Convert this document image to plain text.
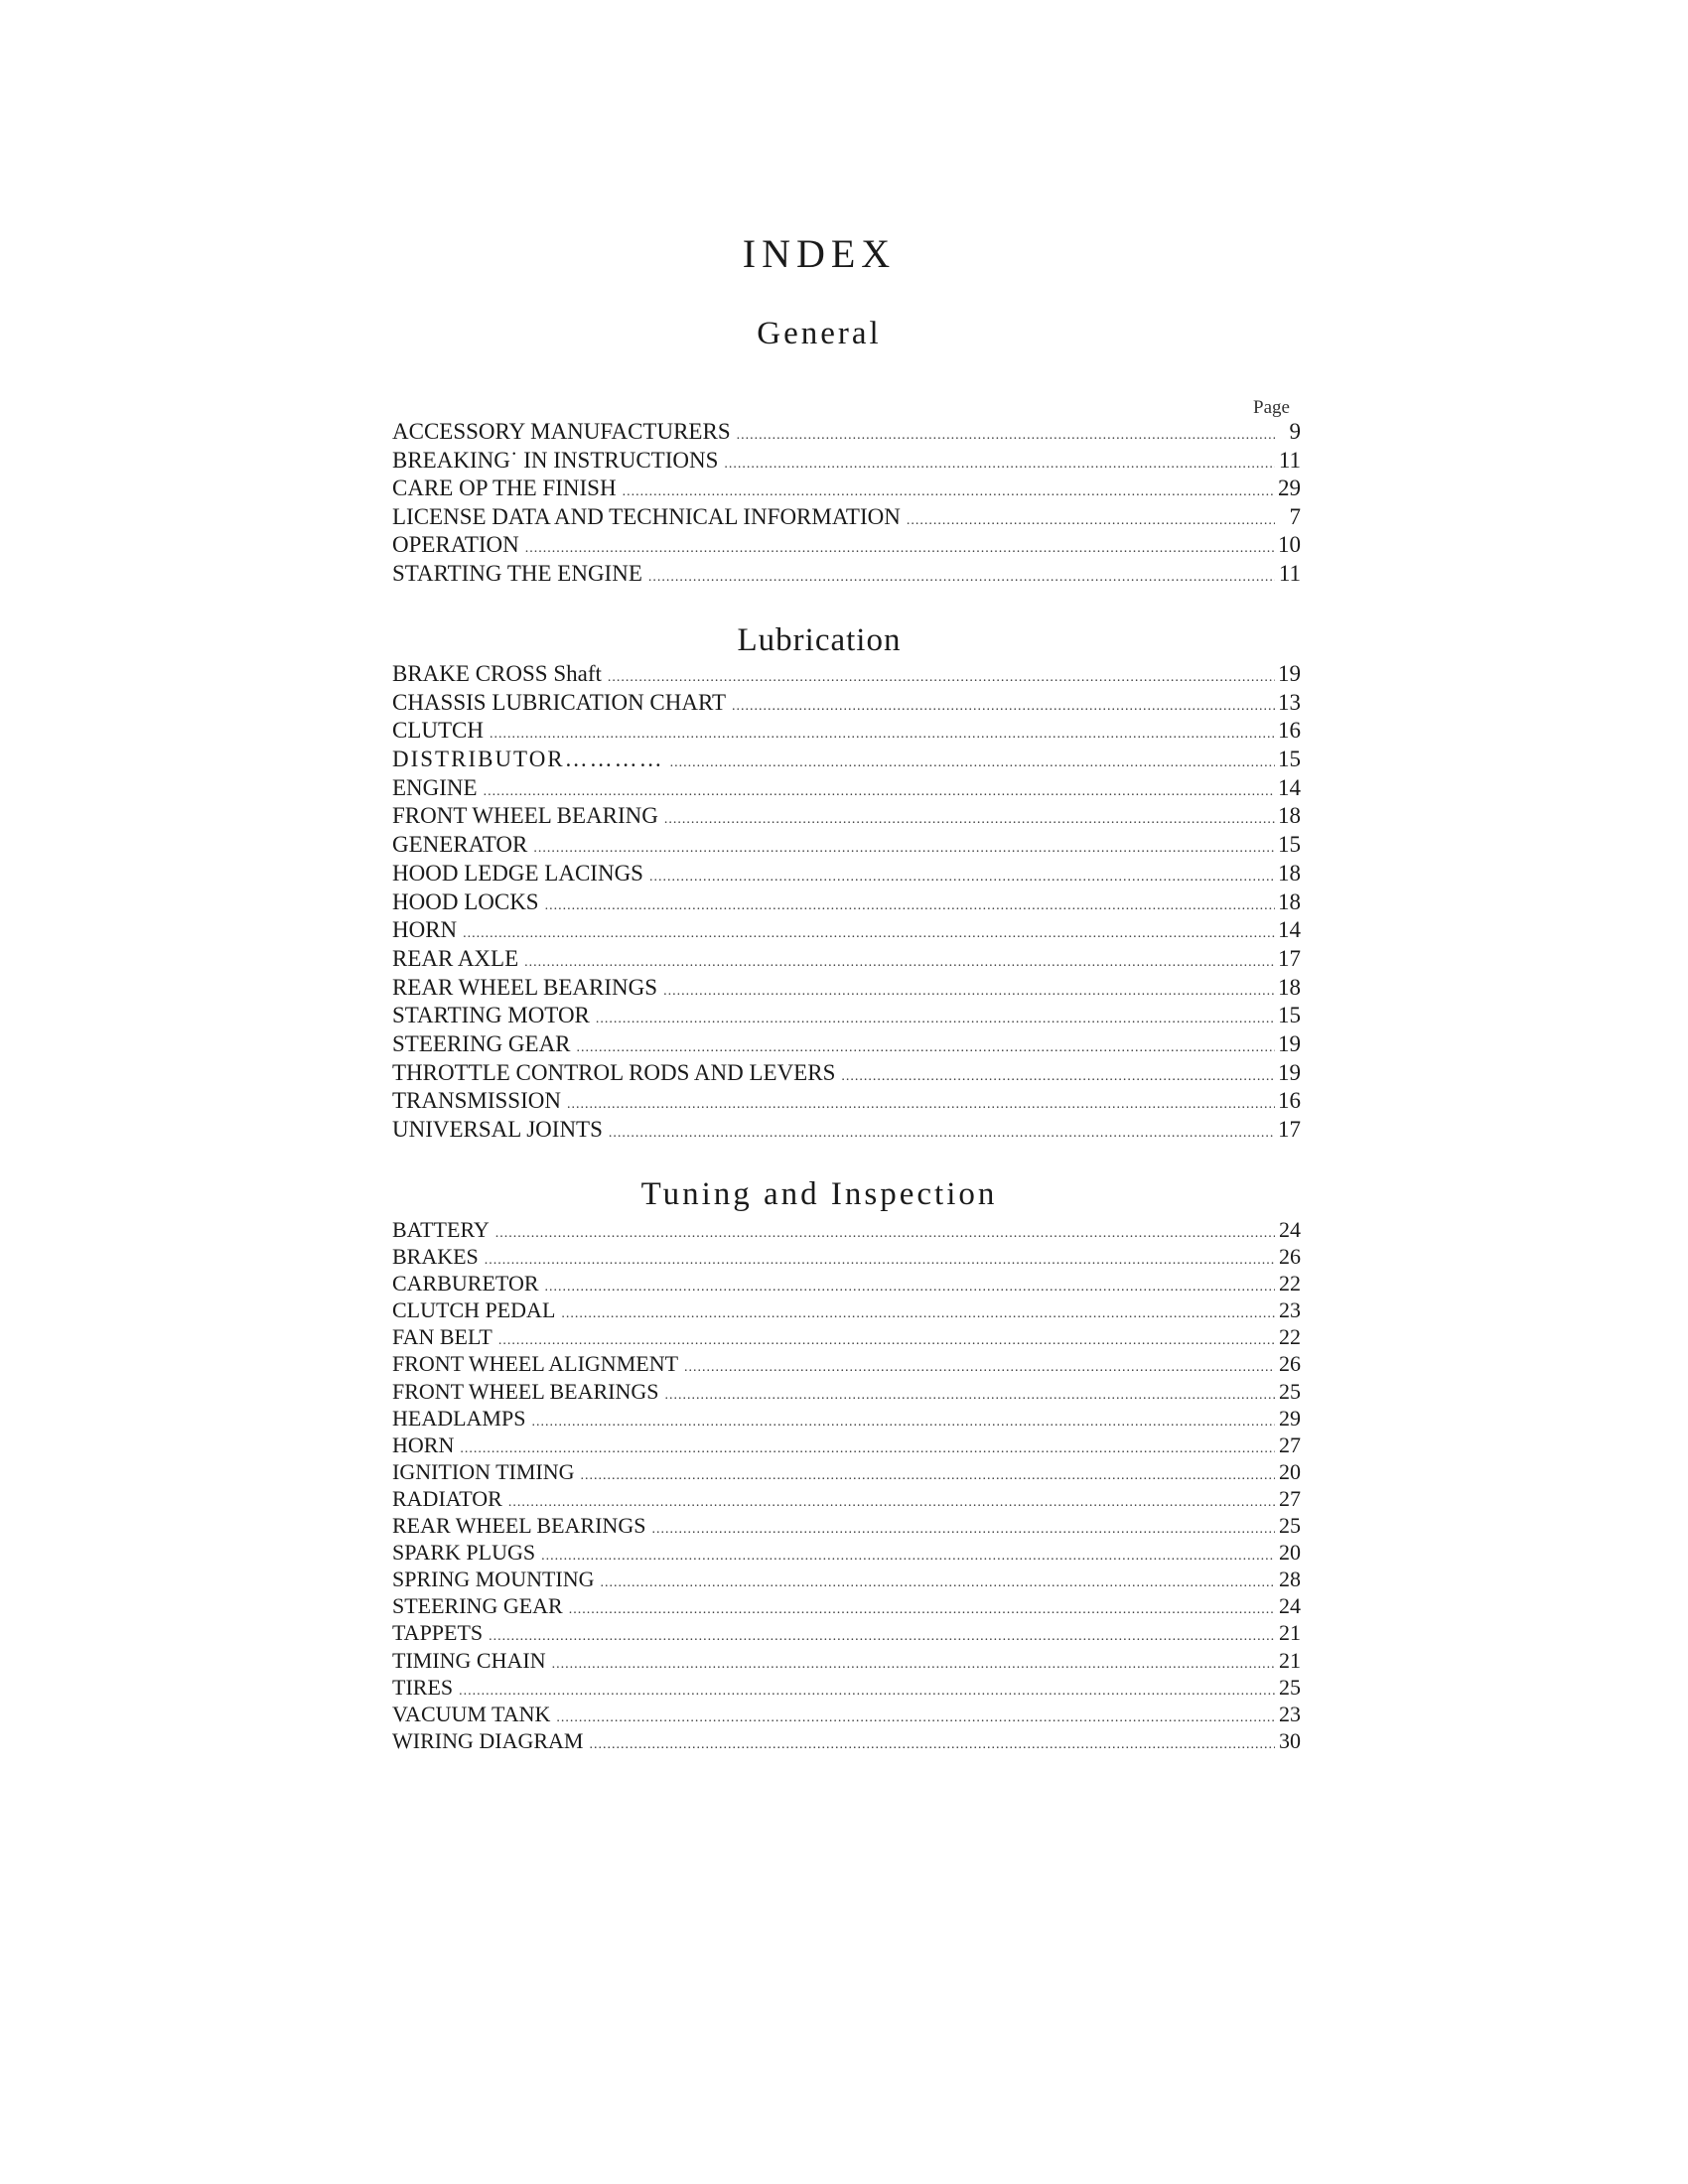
INDEX
General
Page
ACCESSORY MANUFACTURERS .....	9
BREAKING˙ IN INSTRUCTIONS .....	11
CARE OP THE FINISH .....	29
LICENSE DATA AND TECHNICAL INFORMATION .....	7
OPERATION .....	10
STARTING THE ENGINE .....	11
Lubrication
BRAKE CROSS Shaft .....	19
CHASSIS LUBRICATION CHART .....	13
CLUTCH .....	16
DISTRIBUTOR………… .....	15
ENGINE .....	14
FRONT WHEEL BEARING .....	18
GENERATOR .....	15
HOOD LEDGE LACINGS .....	18
HOOD LOCKS .....	18
HORN .....	14
REAR AXLE .....	17
REAR WHEEL BEARINGS .....	18
STARTING MOTOR .....	15
STEERING GEAR .....	19
THROTTLE CONTROL RODS AND LEVERS .....	19
TRANSMISSION .....	16
UNIVERSAL JOINTS .....	17
Tuning and Inspection
BATTERY .....	24
BRAKES .....	26
CARBURETOR .....	22
CLUTCH PEDAL .....	23
FAN BELT .....	22
FRONT WHEEL ALIGNMENT .....	26
FRONT WHEEL BEARINGS .....	25
HEADLAMPS .....	29
HORN .....	27
IGNITION TIMING .....	20
RADIATOR .....	27
REAR WHEEL BEARINGS .....	25
SPARK PLUGS .....	20
SPRING MOUNTING .....	28
STEERING GEAR .....	24
TAPPETS .....	21
TIMING CHAIN .....	21
TIRES .....	25
VACUUM TANK .....	23
WIRING DIAGRAM .....	30
